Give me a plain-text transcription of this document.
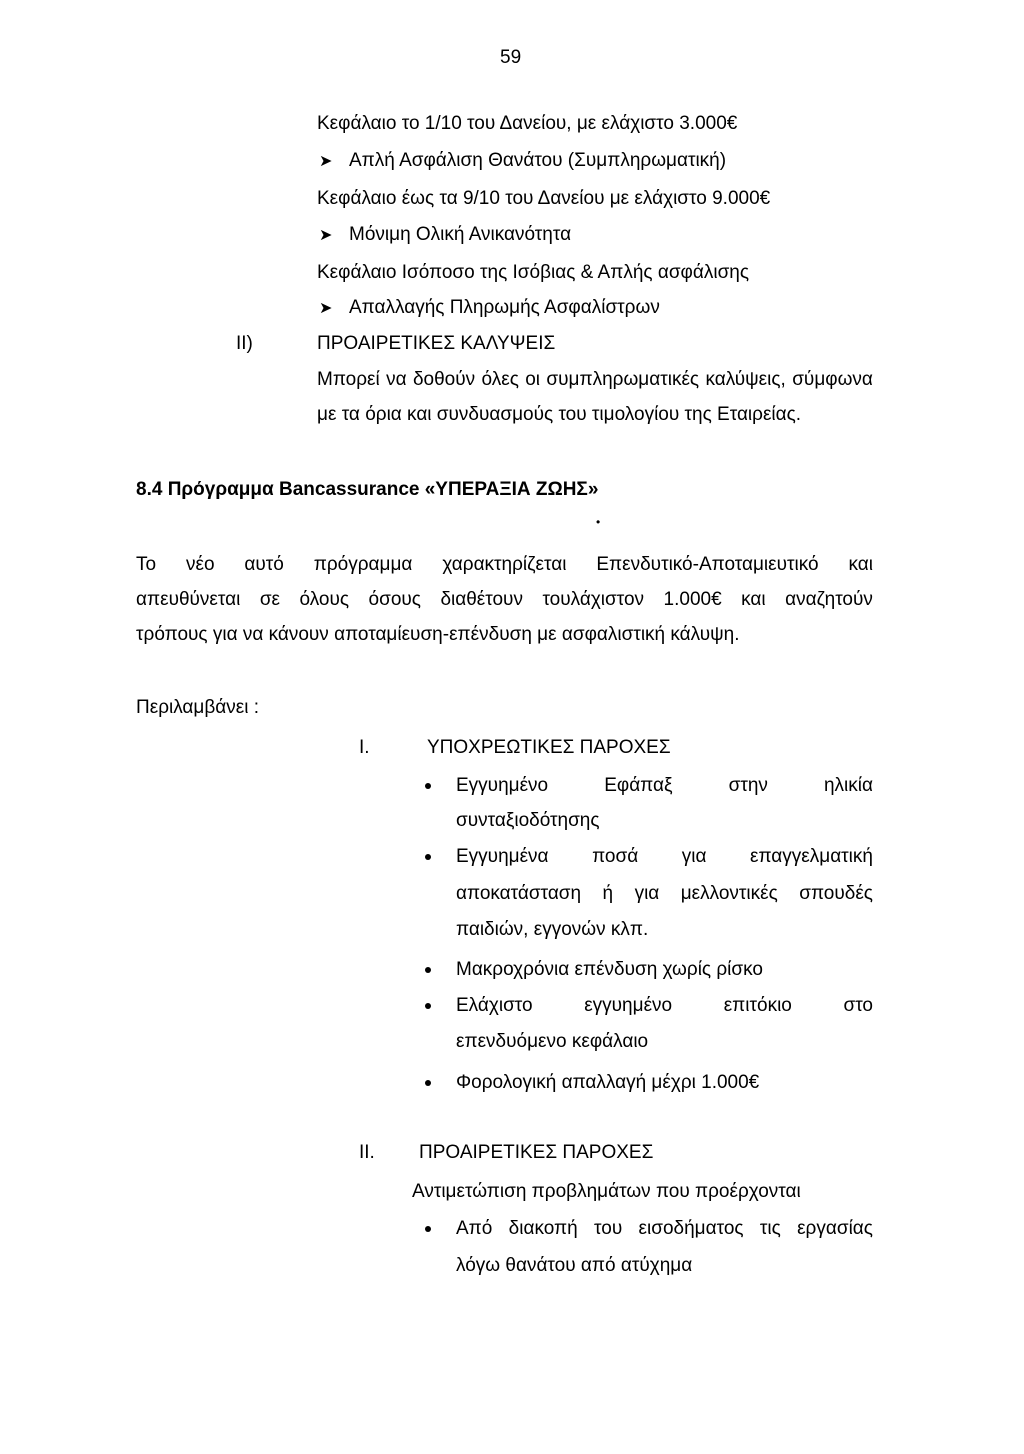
59
Κεφάλαιο το 1/10 του Δανείου, με ελάχιστο 3.000€
➤ Απλή Ασφάλιση Θανάτου (Συμπληρωματική)
Κεφάλαιο έως τα 9/10 του Δανείου με ελάχιστο 9.000€
➤ Μόνιμη Ολική Ανικανότητα
Κεφάλαιο Ισόποσο της Ισόβιας & Απλής ασφάλισης
➤ Απαλλαγής Πληρωμής Ασφαλίστρων
II)	ΠΡΟΑΙΡΕΤΙΚΕΣ ΚΑΛΥΨΕΙΣ
Μπορεί να δοθούν όλες οι συμπληρωματικές καλύψεις, σύμφωνα
με τα όρια και συνδυασμούς του τιμολογίου της Εταιρείας.
8.4 Πρόγραμμα Bancassurance «ΥΠΕΡΑΞΙΑ ΖΩΗΣ»
•
Το νέο αυτό πρόγραμμα χαρακτηρίζεται Επενδυτικό-Αποταμιευτικό και
απευθύνεται σε όλους όσους διαθέτουν τουλάχιστον 1.000€ και αναζητούν
τρόπους για να κάνουν αποταμίευση-επένδυση με ασφαλιστική κάλυψη.
Περιλαμβάνει :
I.	ΥΠΟΧΡΕΩΤΙΚΕΣ ΠΑΡΟΧΕΣ
Εγγυημένο	Εφάπαξ	στην	ηλικία
συνταξιοδότησης
Εγγυημένα ποσά για επαγγελματική
αποκατάσταση ή για μελλοντικές σπουδές
παιδιών, εγγονών κλπ.
Μακροχρόνια επένδυση χωρίς ρίσκο
Ελάχιστο	εγγυημένο	επιτόκιο	στο
επενδυόμενο κεφάλαιο
Φορολογική απαλλαγή μέχρι 1.000€
II. ΠΡΟΑΙΡΕΤΙΚΕΣ ΠΑΡΟΧΕΣ
Αντιμετώπιση προβλημάτων που προέρχονται
Από διακοπή του εισοδήματος τις εργασίας
λόγω θανάτου από ατύχημα
